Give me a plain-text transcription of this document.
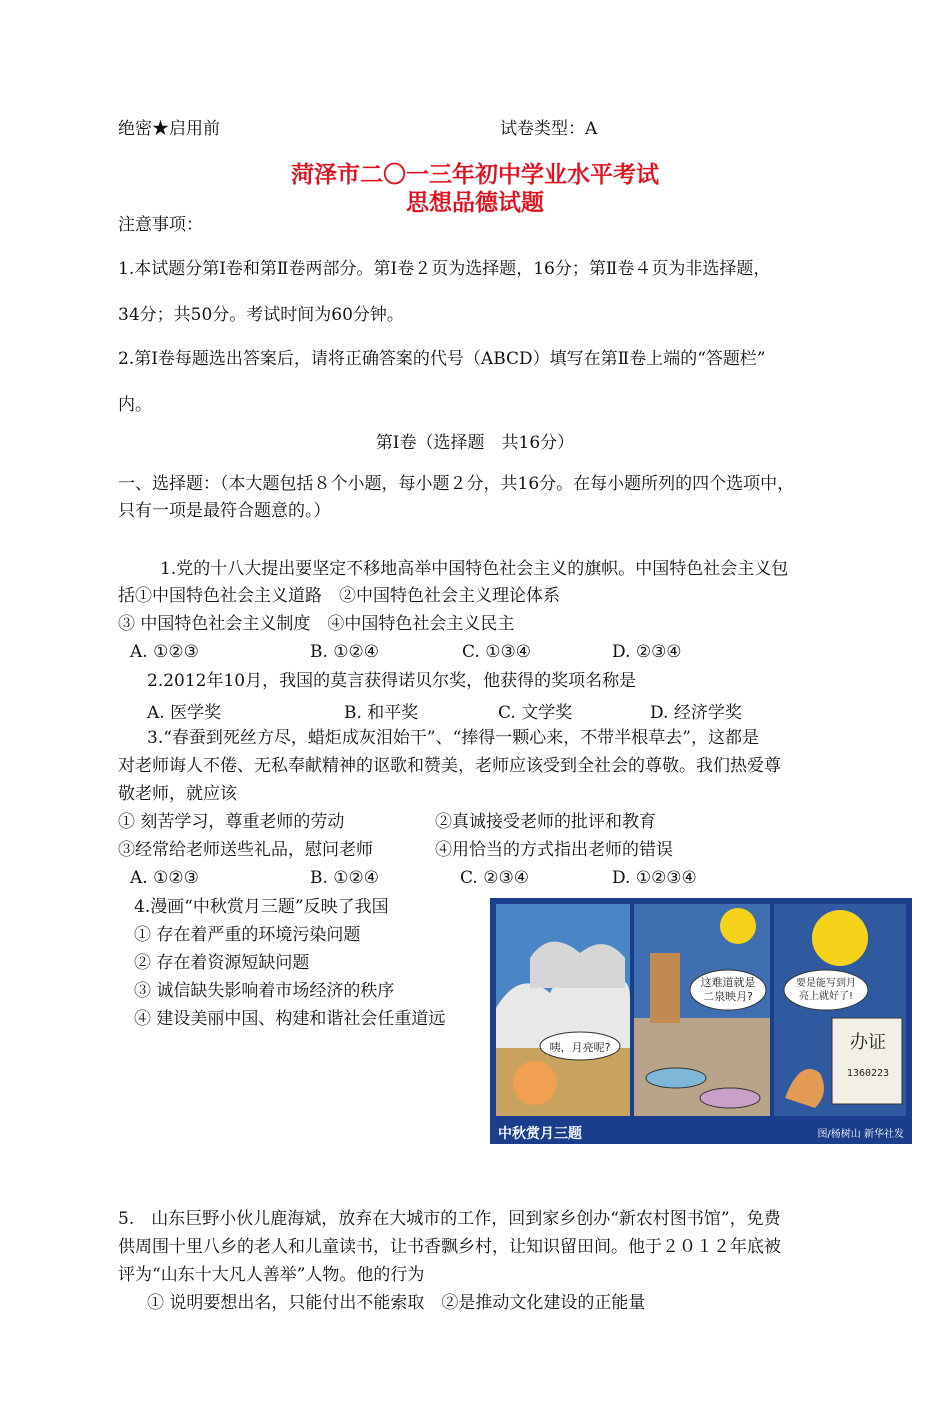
绝密★启用前	试卷类型：A
菏泽市二〇一三年初中学业水平考试
思想品德试题
注意事项：
1.本试题分第Ⅰ卷和第Ⅱ卷两部分。第Ⅰ卷２页为选择题，16分；第Ⅱ卷４页为非选择题，
34分；共50分。考试时间为60分钟。
2.第Ⅰ卷每题选出答案后，请将正确答案的代号（ABCD）填写在第Ⅱ卷上端的“答题栏”
内。
第Ⅰ卷（选择题　共16分）
一、选择题：（本大题包括８个小题，每小题２分，共16分。在每小题所列的四个选项中，
只有一项是最符合题意的。）
1.党的十八大提出要坚定不移地高举中国特色社会主义的旗帜。中国特色社会主义包
括①中国特色社会主义道路　②中国特色社会主义理论体系
③ 中国特色社会主义制度　④中国特色社会主义民主
A. ①②③	B. ①②④	C. ①③④	D. ②③④
2.2012年10月，我国的莫言获得诺贝尔奖，他获得的奖项名称是
A. 医学奖	B. 和平奖	C. 文学奖	D. 经济学奖
3.“春蚕到死丝方尽，蜡炬成灰泪始干”、“捧得一颗心来，不带半根草去”，这都是
对老师诲人不倦、无私奉献精神的讴歌和赞美，老师应该受到全社会的尊敬。我们热爱尊
敬老师，就应该
① 刻苦学习，尊重老师的劳动	②真诚接受老师的批评和教育
③经常给老师送些礼品，慰问老师	④用恰当的方式指出老师的错误
A. ①②③	B. ①②④	C. ②③④	D. ①②③④
4.漫画“中秋赏月三题”反映了我国
① 存在着严重的环境污染问题
② 存在着资源短缺问题
③ 诚信缺失影响着市场经济的秩序
④ 建设美丽中国、构建和谐社会任重道远
咦，月亮呢?
这难道就是
二泉映月?
要是能写到月
亮上就好了!
办证
1360223
中秋赏月三题	图/杨树山 新华社发
5.　山东巨野小伙儿鹿海斌，放弃在大城市的工作，回到家乡创办“新农村图书馆”，免费
供周围十里八乡的老人和儿童读书，让书香飘乡村，让知识留田间。他于２０１２年底被
评为“山东十大凡人善举”人物。他的行为
① 说明要想出名，只能付出不能索取　②是推动文化建设的正能量
